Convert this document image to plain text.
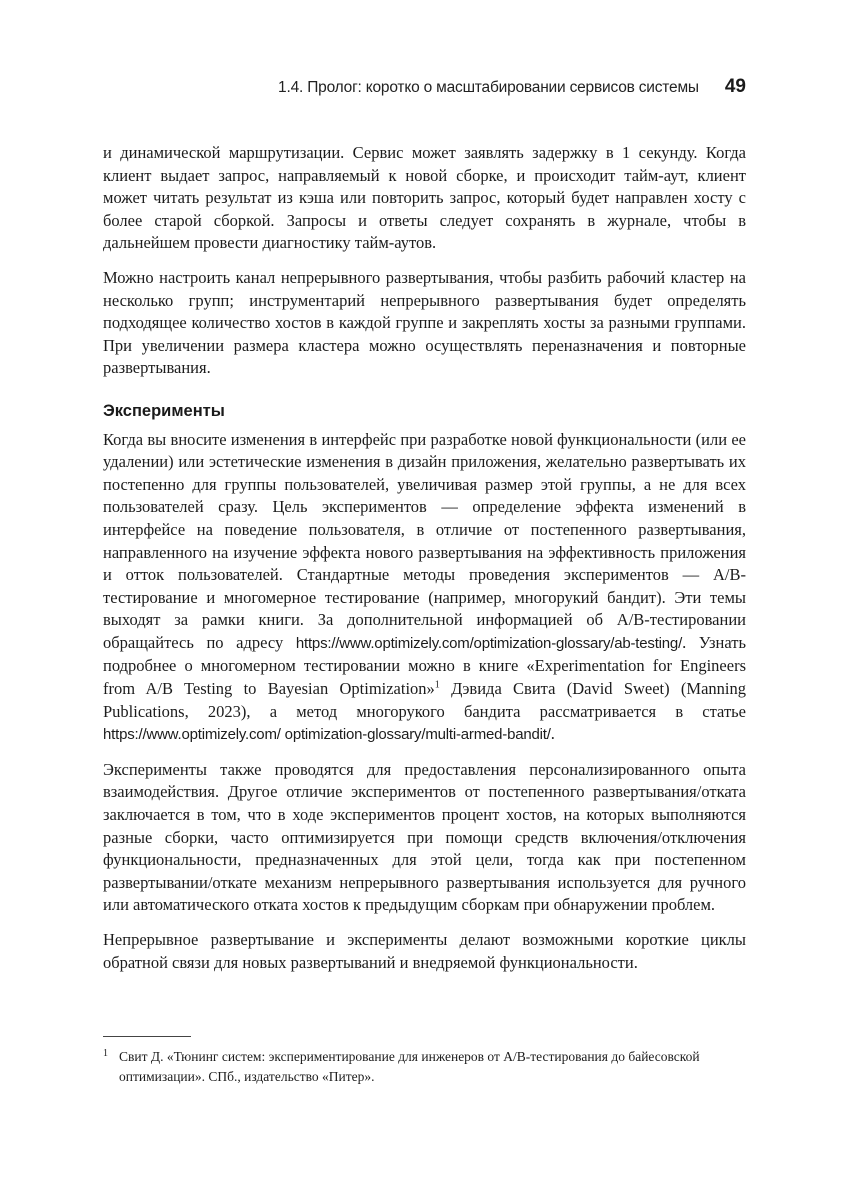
1.4. Пролог: коротко о масштабировании сервисов системы 49

и динамической маршрутизации. Сервис может заявлять задержку в 1 секунду. Когда клиент выдает запрос, направляемый к новой сборке, и происходит тайм-аут, клиент может читать результат из кэша или повторить запрос, который будет направлен хосту с более старой сборкой. Запросы и ответы следует сохранять в журнале, чтобы в дальнейшем провести диагностику тайм-аутов.

Можно настроить канал непрерывного развертывания, чтобы разбить рабочий кластер на несколько групп; инструментарий непрерывного развертывания будет определять подходящее количество хостов в каждой группе и закреплять хосты за разными группами. При увеличении размера кластера можно осуществлять переназначения и повторные развертывания.

Эксперименты

Когда вы вносите изменения в интерфейс при разработке новой функциональности (или ее удалении) или эстетические изменения в дизайн приложения, желательно развертывать их постепенно для группы пользователей, увеличивая размер этой группы, а не для всех пользователей сразу. Цель экспериментов — определение эффекта изменений в интерфейсе на поведение пользователя, в отличие от постепенного развертывания, направленного на изучение эффекта нового развертывания на эффективность приложения и отток пользователей. Стандартные методы проведения экспериментов — A/B-тестирование и многомерное тестирование (например, многорукий бандит). Эти темы выходят за рамки книги. За дополнительной информацией об A/B-тестировании обращайтесь по адресу https://www.optimizely.com/optimization-glossary/ab-testing/. Узнать подробнее о многомерном тестировании можно в книге «Experimentation for Engineers from A/B Testing to Bayesian Optimization»$^1$ Дэвида Свита (David Sweet) (Manning Publications, 2023), а метод многорукого бандита рассматривается в статье https://www.optimizely.com/ optimization-glossary/multi-armed-bandit/.

Эксперименты также проводятся для предоставления персонализированного опыта взаимодействия. Другое отличие экспериментов от постепенного развертывания/отката заключается в том, что в ходе экспериментов процент хостов, на которых выполняются разные сборки, часто оптимизируется при помощи средств включения/отключения функциональности, предназначенных для этой цели, тогда как при постепенном развертывании/откате механизм непрерывного развертывания используется для ручного или автоматического отката хостов к предыдущим сборкам при обнаружении проблем.

Непрерывное развертывание и эксперименты делают возможными короткие циклы обратной связи для новых развертываний и внедряемой функциональности.

1 Свит Д. «Тюнинг систем: экспериментирование для инженеров от A/B-тестирования до байесовской оптимизации». СПб., издательство «Питер».
